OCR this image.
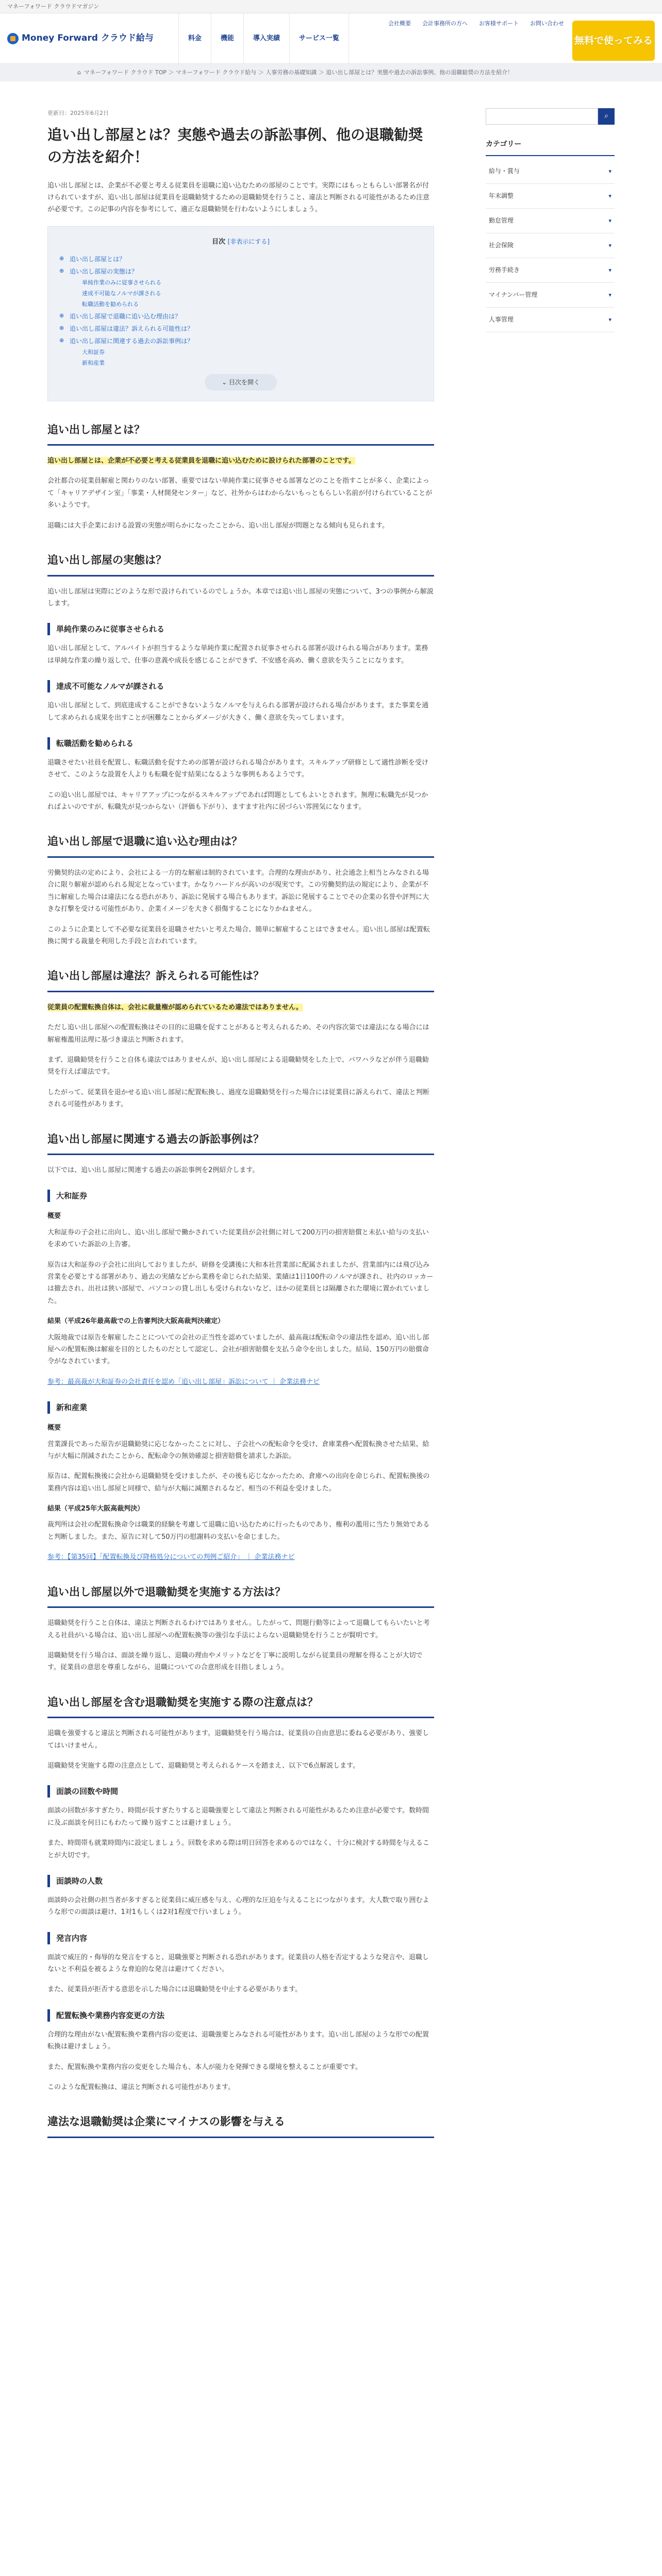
マネーフォワード クラウドマガジン
Money Forward クラウド給与	料金	機能	導入実績	サービス一覧
会社概要 会計事務所の方へ お客様サポート お問い合わせ
無料で使ってみる
⌂ マネーフォワード クラウド TOP ＞ マネーフォワード クラウド給与 ＞ 人事労務の基礎知識 ＞ 追い出し部屋とは？実態や過去の訴訟事例、他の退職勧奨の方法を紹介！
更新日：2025年6月2日
追い出し部屋とは？実態や過去の訴訟事例、他の退職勧奨の方法を紹介！

追い出し部屋とは、企業が不必要と考える従業員を退職に追い込むための部屋のことです。実際にはもっともらしい部署名が付けられていますが、追い出し部屋は従業員を退職勧奨するための退職勧奨を行うこと、違法と判断される可能性があるため注意が必要です。この記事の内容を参考にして、適正な退職勧奨を行わないようにしましょう。

目次 [非表示にする]
⊕ 追い出し部屋とは？
⊕ 追い出し部屋の実態は？
単純作業のみに従事させられる
達成不可能なノルマが課される
転職活動を勧められる
⊕ 追い出し部屋で退職に追い込む理由は？
⊕ 追い出し部屋は違法？訴えられる可能性は？
⊕ 追い出し部屋に関連する過去の訴訟事例は？
大和証券
新和産業
⌄ 目次を開く
追い出し部屋とは？

追い出し部屋とは、企業が不必要と考える従業員を退職に追い込むために設けられた部署のことです。

会社都合の従業員解雇と関わりのない部署、重要ではない単純作業に従事させる部署などのことを指すことが多く、企業によって「キャリアデザイン室」「事業・人材開発センター」など、社外からはわからないもっともらしい名前が付けられていることが多いようです。

退職には大手企業における設置の実態が明らかになったことから、追い出し部屋が問題となる傾向も見られます。

追い出し部屋の実態は？

追い出し部屋は実際にどのような形で設けられているのでしょうか。本章では追い出し部屋の実態について、3つの事例から解説します。

単純作業のみに従事させられる

追い出し部屋として、アルバイトが担当するような単純作業に配置され従事させられる部署が設けられる場合があります。業務は単純な作業の繰り返しで、仕事の意義や成長を感じることができず、不安感を高め、働く意欲を失うことになります。

達成不可能なノルマが課される

追い出し部屋として、到底達成することができないようなノルマを与えられる部署が設けられる場合があります。また事業を通して求められる成果を出すことが困難なことからダメージが大きく、働く意欲を失ってしまいます。

転職活動を勧められる

退職させたい社員を配置し、転職活動を促すための部署が設けられる場合があります。スキルアップ研修として適性診断を受けさせて、このような設置を人よりも転職を促す結果になるような事例もあるようです。

この追い出し部屋では、キャリアアップにつながるスキルアップであれば問題としてもよいとされます。無理に転職先が見つかればよいのですが、転職先が見つからない（評価も下がり）、ますます社内に居づらい雰囲気になります。

追い出し部屋で退職に追い込む理由は？

労働契約法の定めにより、会社による一方的な解雇は制約されています。合理的な理由があり、社会通念上相当とみなされる場合に限り解雇が認められる規定となっています。かなりハードルが高いのが現実です。この労働契約法の規定により、企業が不当に解雇した場合は違法になる恐れがあり、訴訟に発展する場合もあります。訴訟に発展することでその企業の名誉や評判に大きな打撃を受ける可能性があり、企業イメージを大きく損傷することになりかねません。

このように企業として不必要な従業員を退職させたいと考えた場合、簡単に解雇することはできません。追い出し部屋は配置転換に関する裁量を利用した手段と言われています。

追い出し部屋は違法？訴えられる可能性は？

従業員の配置転換自体は、会社に裁量権が認められているため違法ではありません。

ただし追い出し部屋への配置転換はその目的に退職を促すことがあると考えられるため、その内容次第では違法になる場合には解雇権濫用法理に基づき違法と判断されます。

まず、退職勧奨を行うこと自体も違法ではありませんが、追い出し部屋による退職勧奨をした上で、パワハラなどが伴う退職勧奨を行えば違法です。

したがって、従業員を退かせる追い出し部屋に配置転換し、過度な退職勧奨を行った場合には従業員に訴えられて、違法と判断される可能性があります。

追い出し部屋に関連する過去の訴訟事例は？

以下では、追い出し部屋に関連する過去の訴訟事例を2例紹介します。

大和証券
概要

大和証券の子会社に出向し、追い出し部屋で働かされていた従業員が会社側に対して200万円の損害賠償と未払い給与の支払いを求めていた訴訟の上告審。

原告は大和証券の子会社に出向しておりましたが、研修を受講後に大和本社営業部に配属されましたが、営業部内には飛び込み営業を必要とする部署があり、過去の実績などから業務を命じられた結果、業績は1日100件のノルマが課され、社内のロッカーは撤去され、出社は狭い部屋で、パソコンの貸し出しも受けられないなど、ほかの従業員とは隔離された環境に置かれていました。

結果（平成26年最高裁での上告審判決大阪高裁判決確定）

大阪地裁では原告を解雇したことについての会社の正当性を認めていましたが、最高裁は配転命令の違法性を認め、追い出し部屋への配置転換は解雇を目的としたものだとして認定し、会社が損害賠償を支払う命令を出しました。結局、150万円の賠償命令がなされています。

参考：最高裁が大和証券の会社責任を認め「追い出し部屋」訴訟について ｜ 企業法務ナビ

新和産業
概要

営業課長であった原告が退職勧奨に応じなかったことに対し、子会社への配転命令を受け、倉庫業務へ配置転換させた結果、給与が大幅に削減されたことから、配転命令の無効確認と損害賠償を請求した訴訟。

原告は、配置転換後に会社から退職勧奨を受けましたが、その後も応じなかったため、倉庫への出向を命じられ、配置転換後の業務内容は追い出し部屋と同様で、給与が大幅に減額されるなど、相当の不利益を受けました。

結果（平成25年大阪高裁判決）

裁判所は会社の配置転換命令は職業的経験を考慮して退職に追い込むために行ったものであり、権利の濫用に当たり無効であると判断しました。また、原告に対して50万円の慰謝料の支払いを命じました。

参考：【第35回】「配置転換及び降格処分についての判例ご紹介」 ｜ 企業法務ナビ

追い出し部屋以外で退職勧奨を実施する方法は？

退職勧奨を行うこと自体は、違法と判断されるわけではありません。したがって、問題行動等によって退職してもらいたいと考える社員がいる場合は、追い出し部屋への配置転換等の強引な手法によらない退職勧奨を行うことが賢明です。

退職勧奨を行う場合は、面談を繰り返し、退職の理由やメリットなどを丁寧に説明しながら従業員の理解を得ることが大切です。従業員の意思を尊重しながら、退職についての合意形成を目指しましょう。

追い出し部屋を含む退職勧奨を実施する際の注意点は？

退職を強要すると違法と判断される可能性があります。退職勧奨を行う場合は、従業員の自由意思に委ねる必要があり、強要してはいけません。

退職勧奨を実施する際の注意点として、退職勧奨と考えられるケースを踏まえ、以下で6点解説します。

面談の回数や時間

面談の回数が多すぎたり、時間が長すぎたりすると退職強要として違法と判断される可能性があるため注意が必要です。数時間に及ぶ面談を何日にもわたって繰り返すことは避けましょう。

また、時間帯も就業時間内に設定しましょう。回数を求める際は明日回答を求めるのではなく、十分に検討する時間を与えることが大切です。

面談時の人数

面談時の会社側の担当者が多すぎると従業員に威圧感を与え、心理的な圧迫を与えることにつながります。大人数で取り囲むような形での面談は避け、1対1もしくは2対1程度で行いましょう。

発言内容

面談で威圧的・侮辱的な発言をすると、退職強要と判断される恐れがあります。従業員の人格を否定するような発言や、退職しないと不利益を被るような脅迫的な発言は避けてください。

また、従業員が拒否する意思を示した場合には退職勧奨を中止する必要があります。

配置転換や業務内容変更の方法

合理的な理由がない配置転換や業務内容の変更は、退職強要とみなされる可能性があります。追い出し部屋のような形での配置転換は避けましょう。

また、配置転換や業務内容の変更をした場合も、本人が能力を発揮できる環境を整えることが重要です。

このような配置転換は、違法と判断される可能性があります。

違法な退職勧奨は企業にマイナスの影響を与える
⌕
カテゴリー
給与・賞与	▾
年末調整	▾
勤怠管理	▾
社会保険	▾
労務手続き	▾
マイナンバー管理	▾
人事管理	▾
